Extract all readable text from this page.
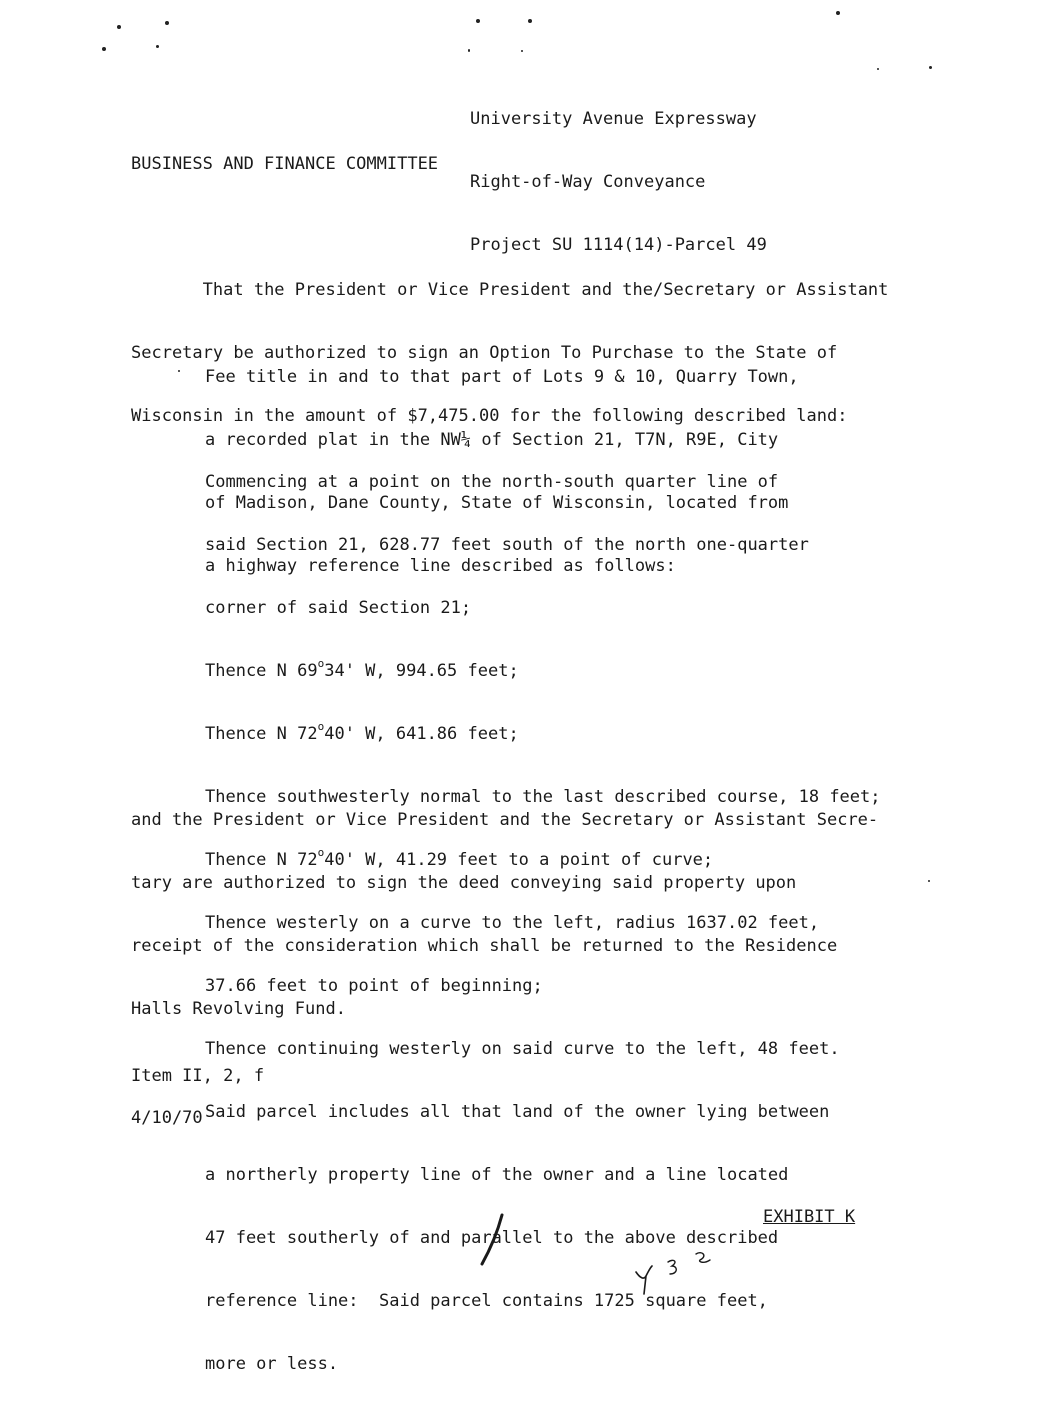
University Avenue Expressway

Right-of-Way Conveyance

Project SU 1114(14)-Parcel 49

BUSINESS AND FINANCE COMMITTEE

That the President or Vice President and the/Secretary or Assistant

Secretary be authorized to sign an Option To Purchase to the State of

Wisconsin in the amount of $7,475.00 for the following described land:

Fee title in and to that part of Lots 9 & 10, Quarry Town,

a recorded plat in the NW¼ of Section 21, T7N, R9E, City

of Madison, Dane County, State of Wisconsin, located from

a highway reference line described as follows:

Commencing at a point on the north-south quarter line of

said Section 21, 628.77 feet south of the north one-quarter

corner of said Section 21;

Thence N 69$^o$34' W, 994.65 feet;

Thence N 72$^o$40' W, 641.86 feet;

Thence southwesterly normal to the last described course, 18 feet;

Thence N 72$^o$40' W, 41.29 feet to a point of curve;

Thence westerly on a curve to the left, radius 1637.02 feet,

37.66 feet to point of beginning;

Thence continuing westerly on said curve to the left, 48 feet.

Said parcel includes all that land of the owner lying between

a northerly property line of the owner and a line located

47 feet southerly of and parallel to the above described

reference line:  Said parcel contains 1725 square feet,

more or less.

and the President or Vice President and the Secretary or Assistant Secre-

tary are authorized to sign the deed conveying said property upon

receipt of the consideration which shall be returned to the Residence

Halls Revolving Fund.

Item II, 2, f
4/10/70
EXHIBIT K
